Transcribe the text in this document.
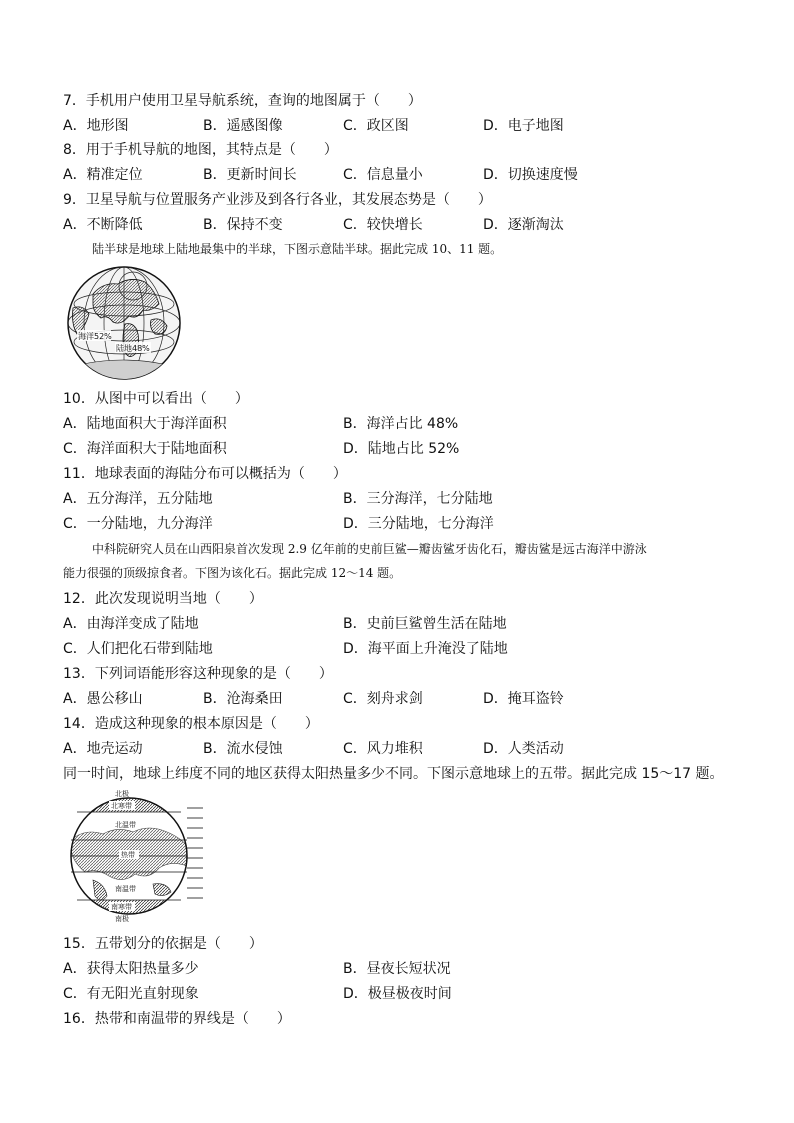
7．手机用户使用卫星导航系统，查询的地图属于（　　）
A．地形图	B．遥感图像	C．政区图	D．电子地图
8．用于手机导航的地图，其特点是（　　）
A．精准定位	B．更新时间长	C．信息量小	D．切换速度慢
9．卫星导航与位置服务产业涉及到各行各业，其发展态势是（　　）
A．不断降低	B．保持不变	C．较快增长	D．逐渐淘汰
陆半球是地球上陆地最集中的半球，下图示意陆半球。据此完成 10、11 题。
海洋52%
陆地48%
10．从图中可以看出（　　）
A．陆地面积大于海洋面积	B．海洋占比 48%
C．海洋面积大于陆地面积	D．陆地占比 52%
11．地球表面的海陆分布可以概括为（　　）
A．五分海洋，五分陆地	B．三分海洋，七分陆地
C．一分陆地，九分海洋	D．三分陆地，七分海洋
中科院研究人员在山西阳泉首次发现 2.9 亿年前的史前巨鲨—瓣齿鲨牙齿化石，瓣齿鲨是远古海洋中游泳
能力很强的顶级掠食者。下图为该化石。据此完成 12～14 题。
12．此次发现说明当地（　　）
A．由海洋变成了陆地	B．史前巨鲨曾生活在陆地
C．人们把化石带到陆地	D．海平面上升淹没了陆地
13．下列词语能形容这种现象的是（　　）
A．愚公移山	B．沧海桑田	C．刻舟求剑	D．掩耳盗铃
14．造成这种现象的根本原因是（　　）
A．地壳运动	B．流水侵蚀	C．风力堆积	D．人类活动
同一时间，地球上纬度不同的地区获得太阳热量多少不同。下图示意地球上的五带。据此完成 15～17 题。
北极
北寒带
北温带
热带
南温带
南寒带
南极
15．五带划分的依据是（　　）
A．获得太阳热量多少	B．昼夜长短状况
C．有无阳光直射现象	D．极昼极夜时间
16．热带和南温带的界线是（　　）
